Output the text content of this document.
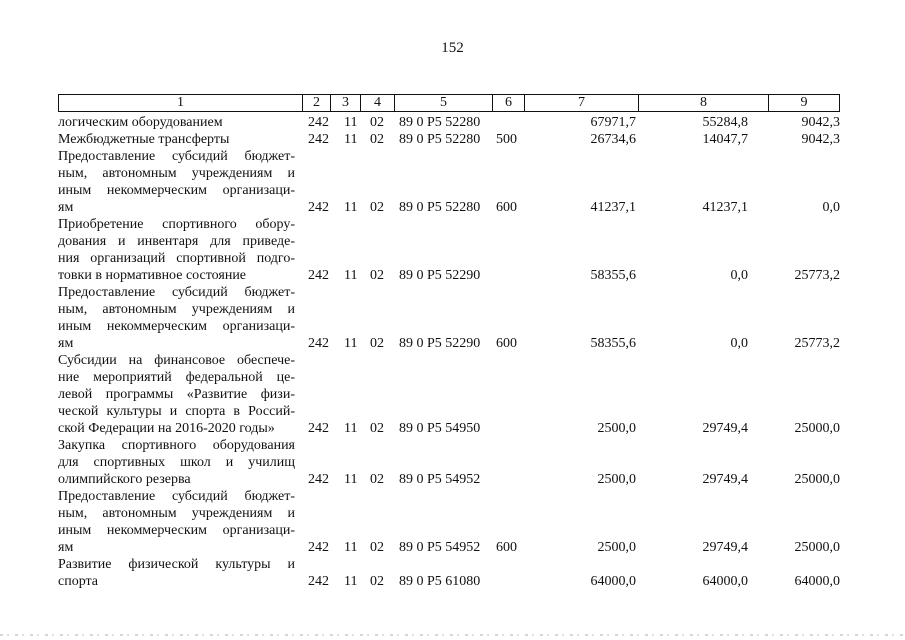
152
1	2	3	4	5	6	7	8	9
логическим оборудованием	242 11 02 89 0 P5 52280	67971,7	55284,8	9042,3
Межбюджетные трансферты	242 11 02 89 0 P5 52280 500	26734,6	14047,7	9042,3
Предоставление субсидий бюджет-
ным, автономным учреждениям и
иным некоммерческим организаци-
ям	242 11 02 89 0 P5 52280 600	41237,1	41237,1	0,0
Приобретение спортивного обору-
дования и инвентаря для приведе-
ния организаций спортивной подго-
товки в нормативное состояние	242 11 02 89 0 P5 52290	58355,6	0,0	25773,2
Предоставление субсидий бюджет-
ным, автономным учреждениям и
иным некоммерческим организаци-
ям	242 11 02 89 0 P5 52290 600	58355,6	0,0	25773,2
Субсидии на финансовое обеспече-
ние мероприятий федеральной це-
левой программы «Развитие физи-
ческой культуры и спорта в Россий-
ской Федерации на 2016-2020 годы»	242 11 02 89 0 P5 54950	2500,0	29749,4	25000,0
Закупка спортивного оборудования
для спортивных школ и училищ
олимпийского резерва	242 11 02 89 0 P5 54952	2500,0	29749,4	25000,0
Предоставление субсидий бюджет-
ным, автономным учреждениям и
иным некоммерческим организаци-
ям	242 11 02 89 0 P5 54952 600	2500,0	29749,4	25000,0
Развитие физической культуры и
спорта	242 11 02 89 0 P5 61080	64000,0	64000,0	64000,0
